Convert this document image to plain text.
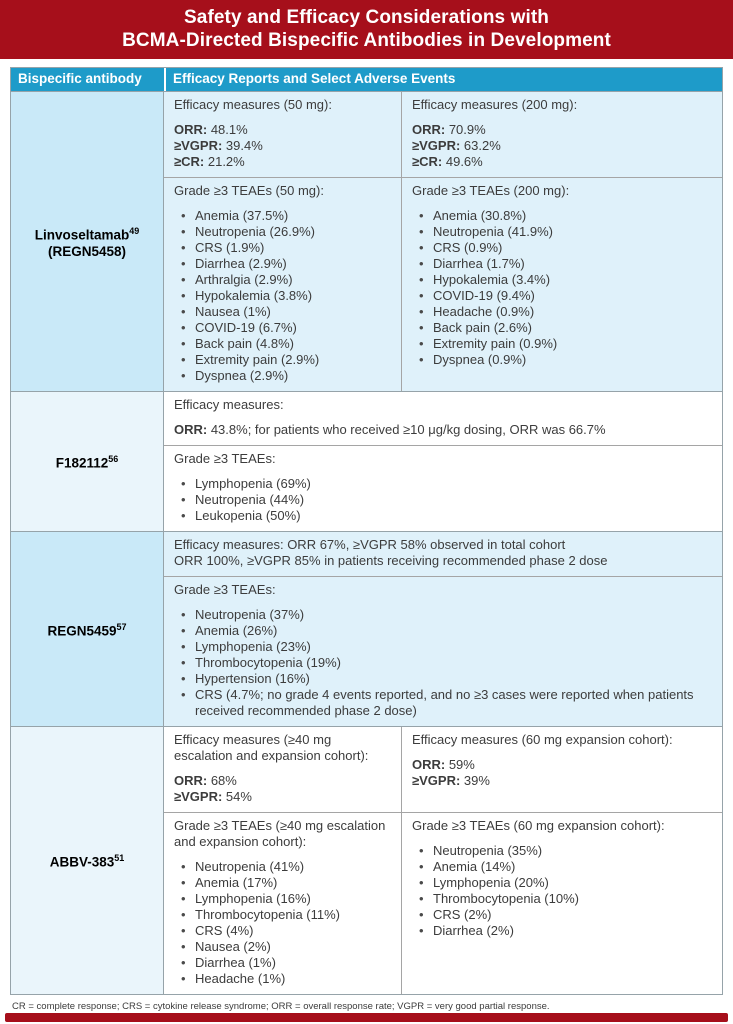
Safety and Efficacy Considerations with
BCMA-Directed Bispecific Antibodies in Development
Bispecific antibody	Efficacy Reports and Select Adverse Events
Linvoseltamab$^{49}$
(REGN5458)
Efficacy measures (50 mg):
ORR: 48.1%
≥VGPR: 39.4%
≥CR: 21.2%
Grade ≥3 TEAEs (50 mg):
• Anemia (37.5%)
• Neutropenia (26.9%)
• CRS (1.9%)
• Diarrhea (2.9%)
• Arthralgia (2.9%)
• Hypokalemia (3.8%)
• Nausea (1%)
• COVID-19 (6.7%)
• Back pain (4.8%)
• Extremity pain (2.9%)
• Dyspnea (2.9%)
Efficacy measures (200 mg):
ORR: 70.9%
≥VGPR: 63.2%
≥CR: 49.6%
Grade ≥3 TEAEs (200 mg):
• Anemia (30.8%)
• Neutropenia (41.9%)
• CRS (0.9%)
• Diarrhea (1.7%)
• Hypokalemia (3.4%)
• COVID-19 (9.4%)
• Headache (0.9%)
• Back pain (2.6%)
• Extremity pain (0.9%)
• Dyspnea (0.9%)
F182112$^{56}$
Efficacy measures:
ORR: 43.8%; for patients who received ≥10 μg/kg dosing, ORR was 66.7%
Grade ≥3 TEAEs:
• Lymphopenia (69%)
• Neutropenia (44%)
• Leukopenia (50%)
REGN5459$^{57}$
Efficacy measures: ORR 67%, ≥VGPR 58% observed in total cohort
ORR 100%, ≥VGPR 85% in patients receiving recommended phase 2 dose
Grade ≥3 TEAEs:
• Neutropenia (37%)
• Anemia (26%)
• Lymphopenia (23%)
• Thrombocytopenia (19%)
• Hypertension (16%)
• CRS (4.7%; no grade 4 events reported, and no ≥3 cases were reported when patients received recommended phase 2 dose)
ABBV-$383^{51}$
Efficacy measures (≥40 mg escalation and expansion cohort):
ORR: 68%
≥VGPR: 54%
Grade ≥3 TEAEs (≥40 mg escalation and expansion cohort):
• Neutropenia (41%)
• Anemia (17%)
• Lymphopenia (16%)
• Thrombocytopenia (11%)
• CRS (4%)
• Nausea (2%)
• Diarrhea (1%)
• Headache (1%)
Efficacy measures (60 mg expansion cohort):
ORR: 59%
≥VGPR: 39%
Grade ≥3 TEAEs (60 mg expansion cohort):
• Neutropenia (35%)
• Anemia (14%)
• Lymphopenia (20%)
• Thrombocytopenia (10%)
• CRS (2%)
• Diarrhea (2%)
CR = complete response; CRS = cytokine release syndrome; ORR = overall response rate; VGPR = very good partial response.
